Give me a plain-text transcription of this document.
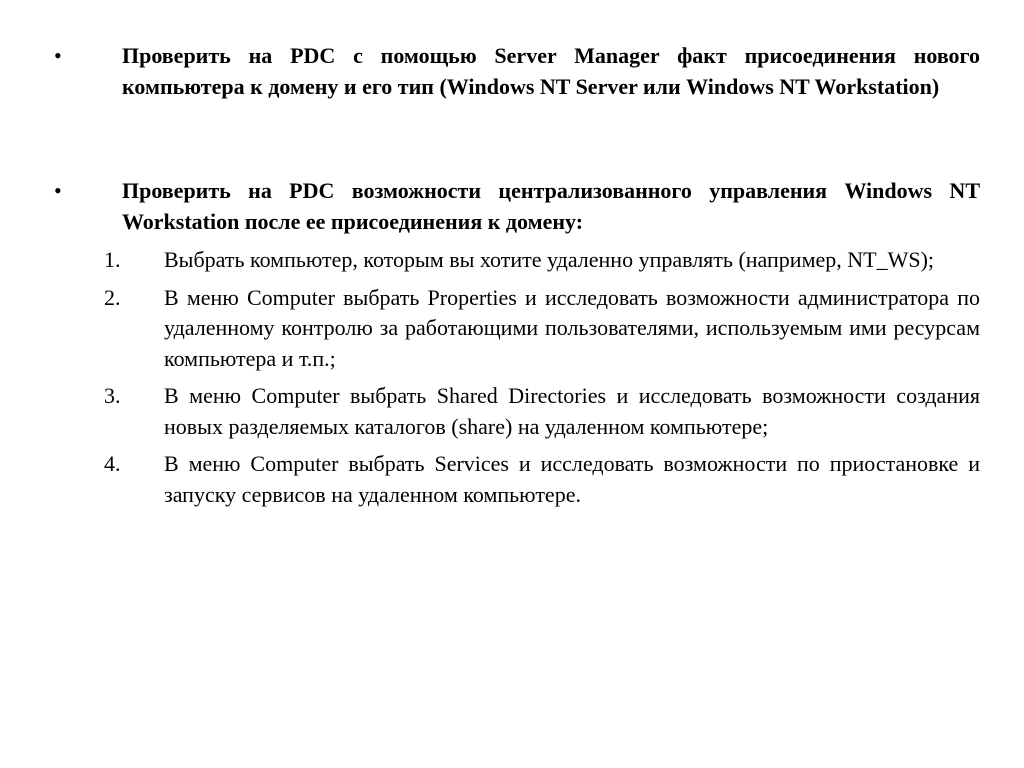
•	Проверить на PDC с помощью Server Manager факт присоединения нового компьютера к домену и его тип (Windows NT Server или Windows NT Workstation)
•	Проверить на PDC возможности централизованного управления Windows NT Workstation после ее присоединения к домену:
1. Выбрать компьютер, которым вы хотите удаленно управлять (например, NT_WS);
2. В меню Computer выбрать Properties и исследовать возможности администратора по удаленному контролю за работающими пользователями, используемым ими ресурсам компьютера и т.п.;
3. В меню Computer выбрать Shared Directories и исследовать возможности создания новых разделяемых каталогов (share) на удаленном компьютере;
4. В меню Computer выбрать Services и исследовать возможности по приостановке и запуску сервисов на удаленном компьютере.
